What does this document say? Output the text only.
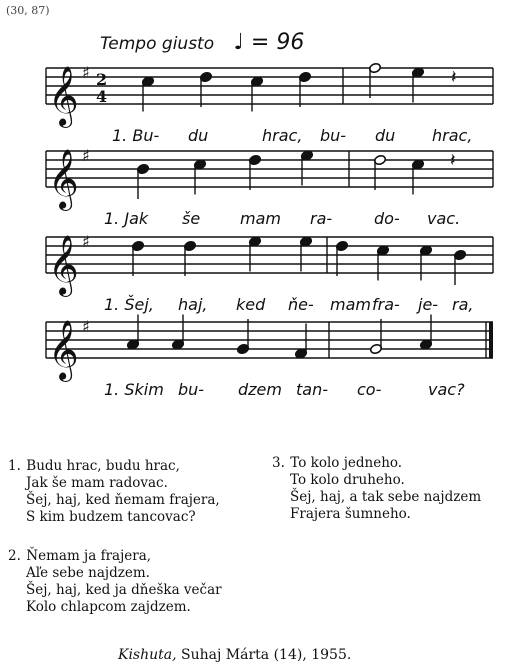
(30, 87)
Tempo giusto ♩ = 96
𝄞 ♯ 2
4
𝄽
1. Bu- du	hrac, bu- du hrac,
𝄞 ♯	𝄽
1. Jak še mam ra-	do- vac.
𝄞 ♯
1. Šej, haj, ked ňe- mam fra- je- ra,
𝄞 ♯
1. Skim bu- dzem tan- co-	vac?
1. Budu hrac, budu hrac,
Jak še mam radovac.
Šej, haj, ked ňemam frajera,
S kim budzem tancovac?
2. Ňemam ja frajera,
Aľe sebe najdzem.
Šej, haj, ked ja dňeška večar
Kolo chlapcom zajdzem.
3. To kolo jedneho.
To kolo druheho.
Šej, haj, a tak sebe najdzem
Frajera šumneho.
Kishuta, Suhaj Márta (14), 1955.
